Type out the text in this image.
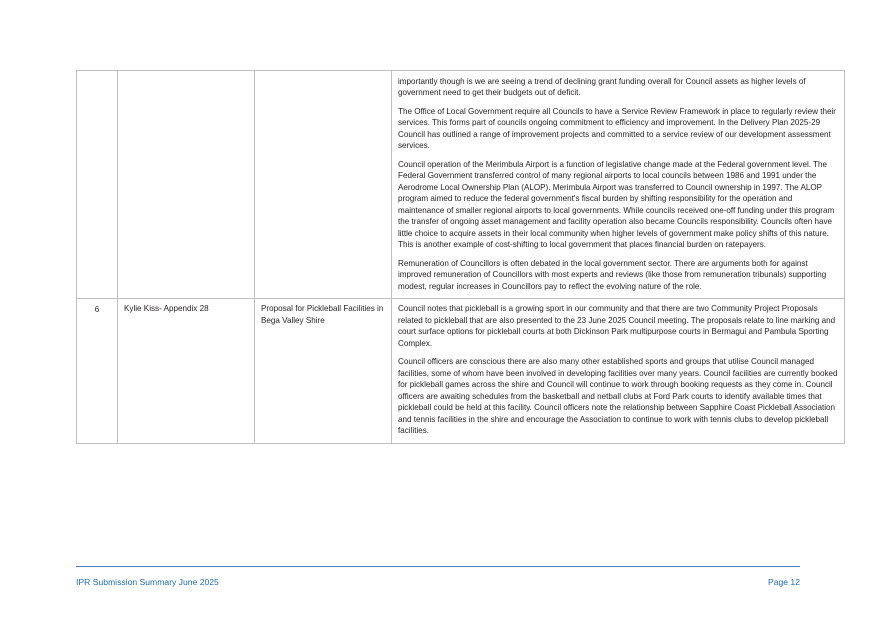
			importantly though is we are seeing a trend of declining grant funding overall for Council assets as higher levels of government need to get their budgets out of deficit.

The Office of Local Government require all Councils to have a Service Review Framework in place to regularly review their services. This forms part of councils ongoing commitment to efficiency and improvement. In the Delivery Plan 2025-29 Council has outlined a range of improvement projects and committed to a service review of our development assessment services.

Council operation of the Merimbula Airport is a function of legislative change made at the Federal government level. The Federal Government transferred control of many regional airports to local councils between 1986 and 1991 under the Aerodrome Local Ownership Plan (ALOP). Merimbula Airport was transferred to Council ownership in 1997. The ALOP program aimed to reduce the federal government's fiscal burden by shifting responsibility for the operation and maintenance of smaller regional airports to local governments. While councils received one-off funding under this program the transfer of ongoing asset management and facility operation also became Councils responsibility. Councils often have little choice to acquire assets in their local community when higher levels of government make policy shifts of this nature. This is another example of cost-shifting to local government that places financial burden on ratepayers.

Remuneration of Councillors is often debated in the local government sector. There are arguments both for against improved remuneration of Councillors with most experts and reviews (like those from remuneration tribunals) supporting modest, regular increases in Councillors pay to reflect the evolving nature of the role.

6	Kylie Kiss- Appendix 28	Proposal for Pickleball Facilities in Bega Valley Shire	Council notes that pickleball is a growing sport in our community and that there are two Community Project Proposals related to pickleball that are also presented to the 23 June 2025 Council meeting. The proposals relate to line marking and court surface options for pickleball courts at both Dickinson Park multipurpose courts in Bermagui and Pambula Sporting Complex.

Council officers are conscious there are also many other established sports and groups that utilise Council managed facilities, some of whom have been involved in developing facilities over many years. Council facilities are currently booked for pickleball games across the shire and Council will continue to work through booking requests as they come in. Council officers are awaiting schedules from the basketball and netball clubs at Ford Park courts to identify available times that pickleball could be held at this facility. Council officers note the relationship between Sapphire Coast Pickleball Association and tennis facilities in the shire and encourage the Association to continue to work with tennis clubs to develop pickleball facilities.

IPR Submission Summary June 2025	Page 12
